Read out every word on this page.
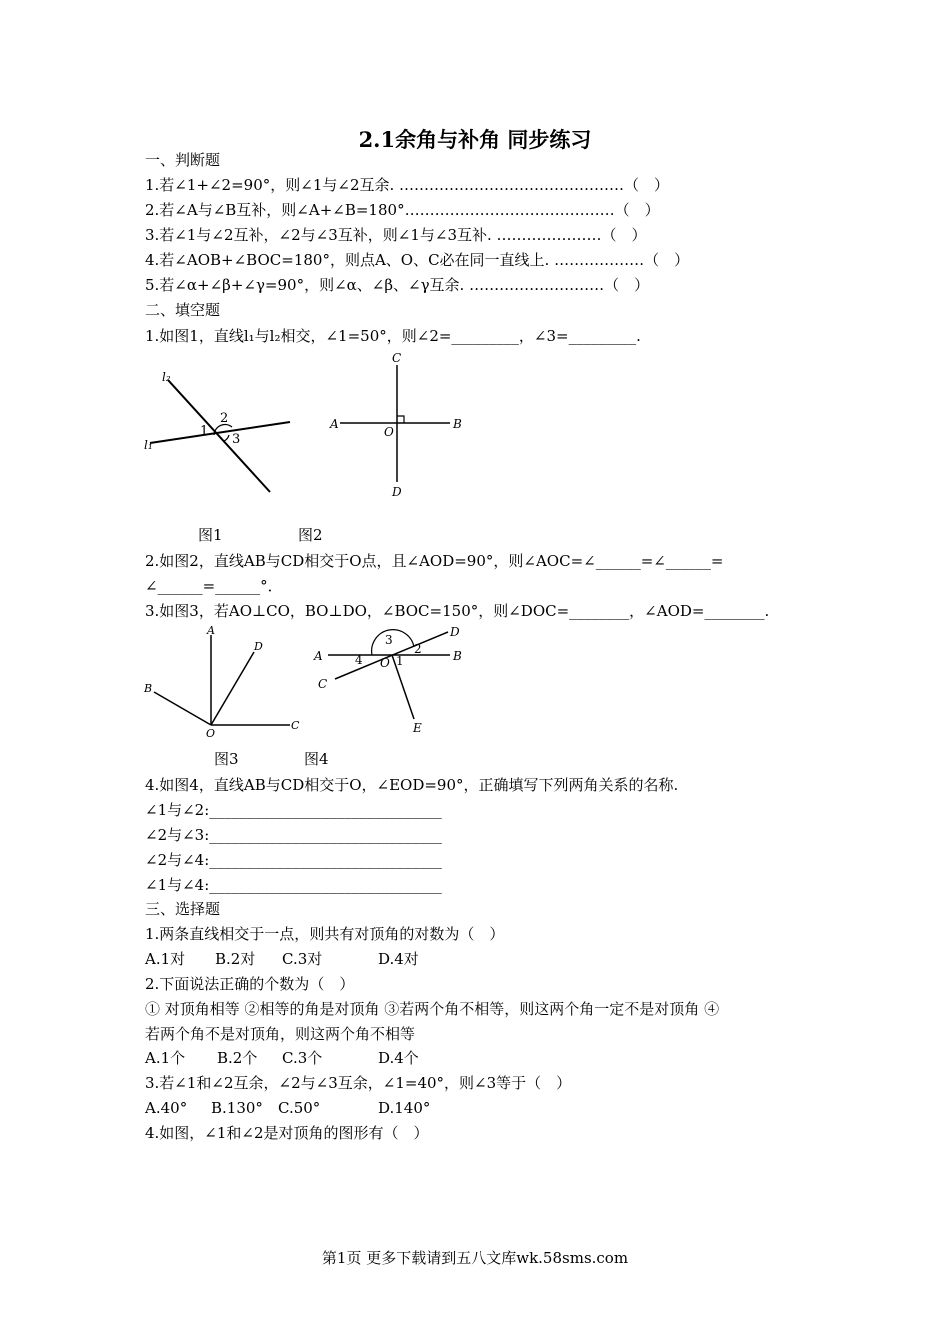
2.1余角与补角 同步练习
一、判断题
1.若∠1+∠2=90°，则∠1与∠2互余. ………………………………………（　）
2.若∠A与∠B互补，则∠A+∠B=180°……………………………………（　）
3.若∠1与∠2互补，∠2与∠3互补，则∠1与∠3互补. …………………（　）
4.若∠AOB+∠BOC=180°，则点A、O、C必在同一直线上. ………………（　）
5.若∠α+∠β+∠γ=90°，则∠α、∠β、∠γ互余. ………………………（　）
二、填空题
1.如图1，直线l₁与l₂相交，∠1=50°，则∠2=_________，∠3=_________.
l₂
l₁
1
2
3
C
A
O
B
D
图1	图2
2.如图2，直线AB与CD相交于O点，且∠AOD=90°，则∠AOC=∠______=∠______=
∠______=______°．
3.如图3，若AO⊥CO，BO⊥DO，∠BOC=150°，则∠DOC=________，∠AOD=________.
A
D
B
O
C
D
3
A	4
2	B
O 1
C
E
图3	图4
4.如图4，直线AB与CD相交于O，∠EOD=90°，正确填写下列两角关系的名称.
∠1与∠2:_______________________________
∠2与∠3:_______________________________
∠2与∠4:_______________________________
∠1与∠4:_______________________________
三、选择题
1.两条直线相交于一点，则共有对顶角的对数为（　）
A.1对 B.2对 C.3对	D.4对
2.下面说法正确的个数为（　）
① 对顶角相等 ②相等的角是对顶角 ③若两个角不相等，则这两个角一定不是对顶角 ④
若两个角不是对顶角，则这两个角不相等
A.1个 B.2个 C.3个	D.4个
3.若∠1和∠2互余，∠2与∠3互余，∠1=40°，则∠3等于（　）
A.40° B.130° C.50°	D.140°
4.如图，∠1和∠2是对顶角的图形有（　）
第1页 更多下载请到五八文库wk.58sms.com
